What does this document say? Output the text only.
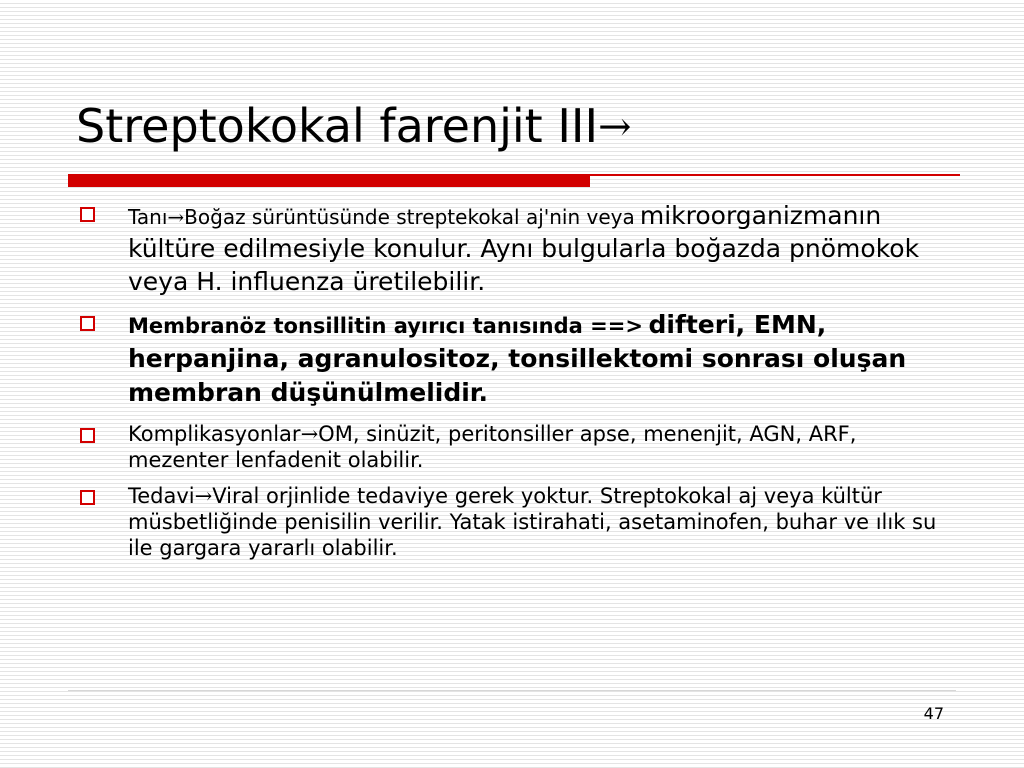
Streptokokal farenjit III→
Tanı→Boğaz sürüntüsünde streptekokal aj'nin veya mikroorganizmanın kültüre edilmesiyle konulur. Aynı bulgularla boğazda pnömokok veya H. influenza üretilebilir.
Membranöz tonsillitin ayırıcı tanısında ==> difteri, EMN, herpanjina, agranulositoz, tonsillektomi sonrası oluşan membran düşünülmelidir.
Komplikasyonlar→OM, sinüzit, peritonsiller apse, menenjit, AGN, ARF, mezenter lenfadenit olabilir.
Tedavi→Viral orjinlide tedaviye gerek yoktur. Streptokokal aj veya kültür müsbetliğinde penisilin verilir. Yatak istirahati, asetaminofen, buhar ve ılık su ile gargara yararlı olabilir.
47
